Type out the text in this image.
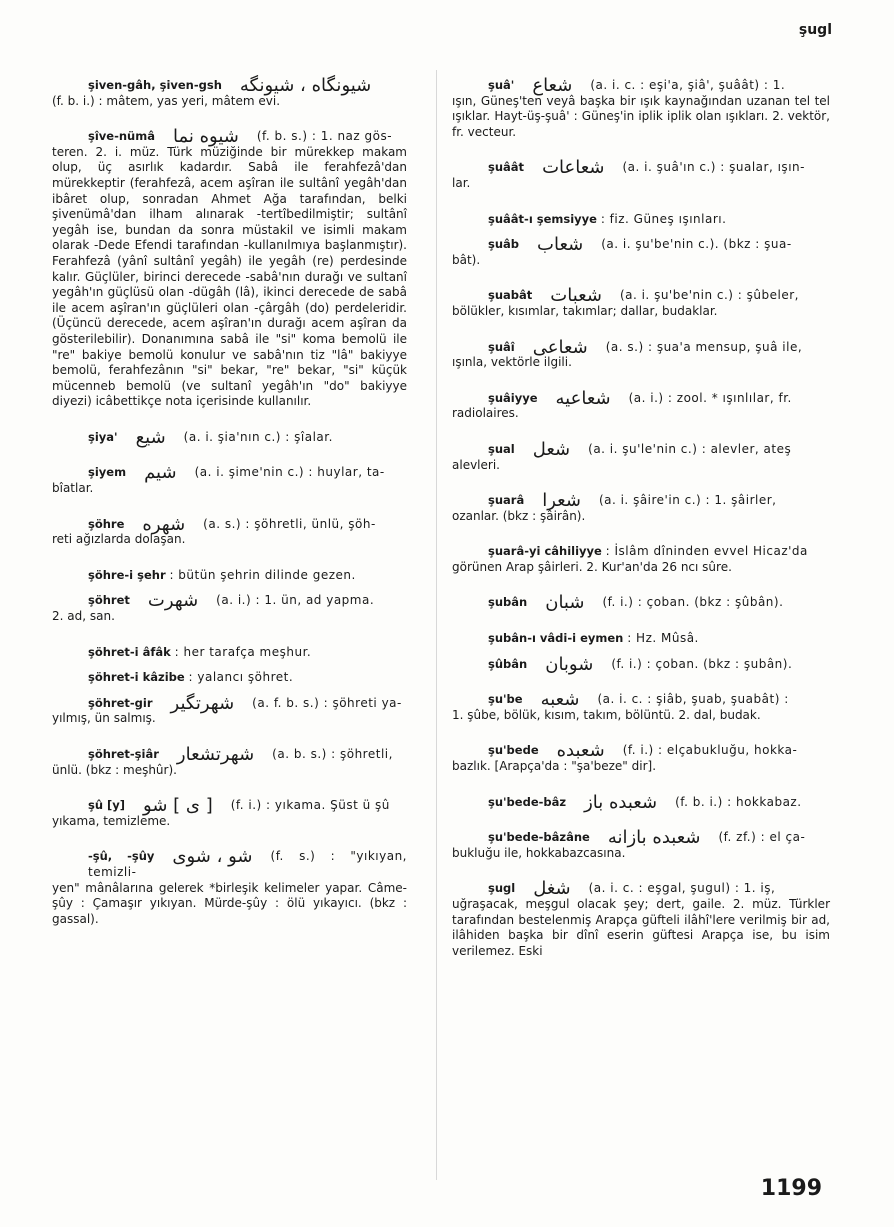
şugl
şiven-gâh, şiven-gsh شیونگاه ، شیونگه
(f. b. i.) : mâtem, yas yeri, mâtem evi.
şîve-nümâ شیوه نما (f. b. s.) : 1. naz gös-
teren. 2. i. müz. Türk müziğinde bir mürekkep makam olup, üç asırlık kadardır. Sabâ ile ferahfezâ'dan mürekkeptir (ferahfezâ, acem aşîran ile sultânî yegâh'dan ibâret olup, sonradan Ahmet Ağa tarafından, belki şivenümâ'dan ilham alınarak -tertîbedilmiştir; sultânî yegâh ise, bundan da sonra müstakil ve isimli makam olarak -Dede Efendi tarafından -kullanılmıya başlanmıştır). Ferahfezâ (yânî sultânî yegâh) ile yegâh (re) perdesinde kalır. Güçlüler, birinci derecede -sabâ'nın durağı ve sultanî yegâh'ın güçlüsü olan -dügâh (lâ), ikinci derecede de sabâ ile acem aşîran'ın güçlüleri olan -çârgâh (do) perdeleridir. (Üçüncü derecede, acem aşîran'ın durağı acem aşîran da gösterilebilir). Donanımına sabâ ile "si" koma bemolü ile "re" bakiye bemolü konulur ve sabâ'nın tiz "lâ" bakiyye bemolü, ferahfezânın "si" bekar, "re" bekar, "si" küçük mücenneb bemolü (ve sultanî yegâh'ın "do" bakiyye diyezi) icâbettikçe nota içerisinde kullanılır.
şiya' شیع (a. i. şia'nın c.) : şîalar.
şiyem شیم (a. i. şime'nin c.) : huylar, ta-
bîatlar.
şöhre شهره (a. s.) : şöhretli, ünlü, şöh-
reti ağızlarda dolaşan.
şöhre-i şehr : bütün şehrin dilinde gezen.
şöhret شهرت (a. i.) : 1. ün, ad yapma.
2. ad, san.
şöhret-i âfâk : her tarafça meşhur.
şöhret-i kâzibe : yalancı şöhret.
şöhret-gir شهرتگیر (a. f. b. s.) : şöhreti ya-
yılmış, ün salmış.
şöhret-şiâr شهرتشعار (a. b. s.) : şöhretli,
ünlü. (bkz : meşhûr).
şû [y] [ ی ] شو (f. i.) : yıkama. Şüst ü şû
yıkama, temizleme.
-şû, -şûy شو ، شوی (f. s.) : "yıkıyan, temizli-
yen" mânâlarına gelerek *birleşik kelimeler yapar. Câme-şûy : Çamaşır yıkıyan. Mürde-şûy : ölü yıkayıcı. (bkz : gassal).
şuâ' شعاع (a. i. c. : eşi'a, şiâ', şuâât) : 1.
ışın, Güneş'ten veyâ başka bir ışık kaynağından uzanan tel tel ışıklar. Hayt-üş-şuâ' : Güneş'in iplik iplik olan ışıkları. 2. vektör, fr. vecteur.
şuâât شعاعات (a. i. şuâ'ın c.) : şualar, ışın-
lar.
şuâât-ı şemsiyye : fiz. Güneş ışınları.
şuâb شعاب (a. i. şu'be'nin c.). (bkz : şua-
bât).
şuabât شعبات (a. i. şu'be'nin c.) : şûbeler,
bölükler, kısımlar, takımlar; dallar, budaklar.
şuâî شعاعی (a. s.) : şua'a mensup, şuâ ile,
ışınla, vektörle ilgili.
şuâiyye شعاعیه (a. i.) : zool. * ışınlılar, fr.
radiolaires.
şual شعل (a. i. şu'le'nin c.) : alevler, ateş
alevleri.
şuarâ شعرا (a. i. şâire'in c.) : 1. şâirler,
ozanlar. (bkz : şâirân).
şuarâ-yi câhiliyye : İslâm dîninden evvel Hicaz'da
görünen Arap şâirleri. 2. Kur'an'da 26 ncı sûre.
şubân شبان (f. i.) : çoban. (bkz : şûbân).
şubân-ı vâdi-i eymen : Hz. Mûsâ.
şûbân شوبان (f. i.) : çoban. (bkz : şubân).
şu'be شعبه (a. i. c. : şiâb, şuab, şuabât) :
1. şûbe, bölük, kısım, takım, bölüntü. 2. dal, budak.
şu'bede شعبده (f. i.) : elçabukluğu, hokka-
bazlık. [Arapça'da : "şa'beze" dir].
şu'bede-bâz شعبده باز (f. b. i.) : hokkabaz.
şu'bede-bâzâne شعبده بازانه (f. zf.) : el ça-
bukluğu ile, hokkabazcasına.
şugl شغل (a. i. c. : eşgal, şugul) : 1. iş,
uğraşacak, meşgul olacak şey; dert, gaile. 2. müz. Türkler tarafından bestelenmiş Arapça güfteli ilâhî'lere verilmiş bir ad, ilâhiden başka bir dînî eserin güftesi Arapça ise, bu isim verilemez. Eski
1199
